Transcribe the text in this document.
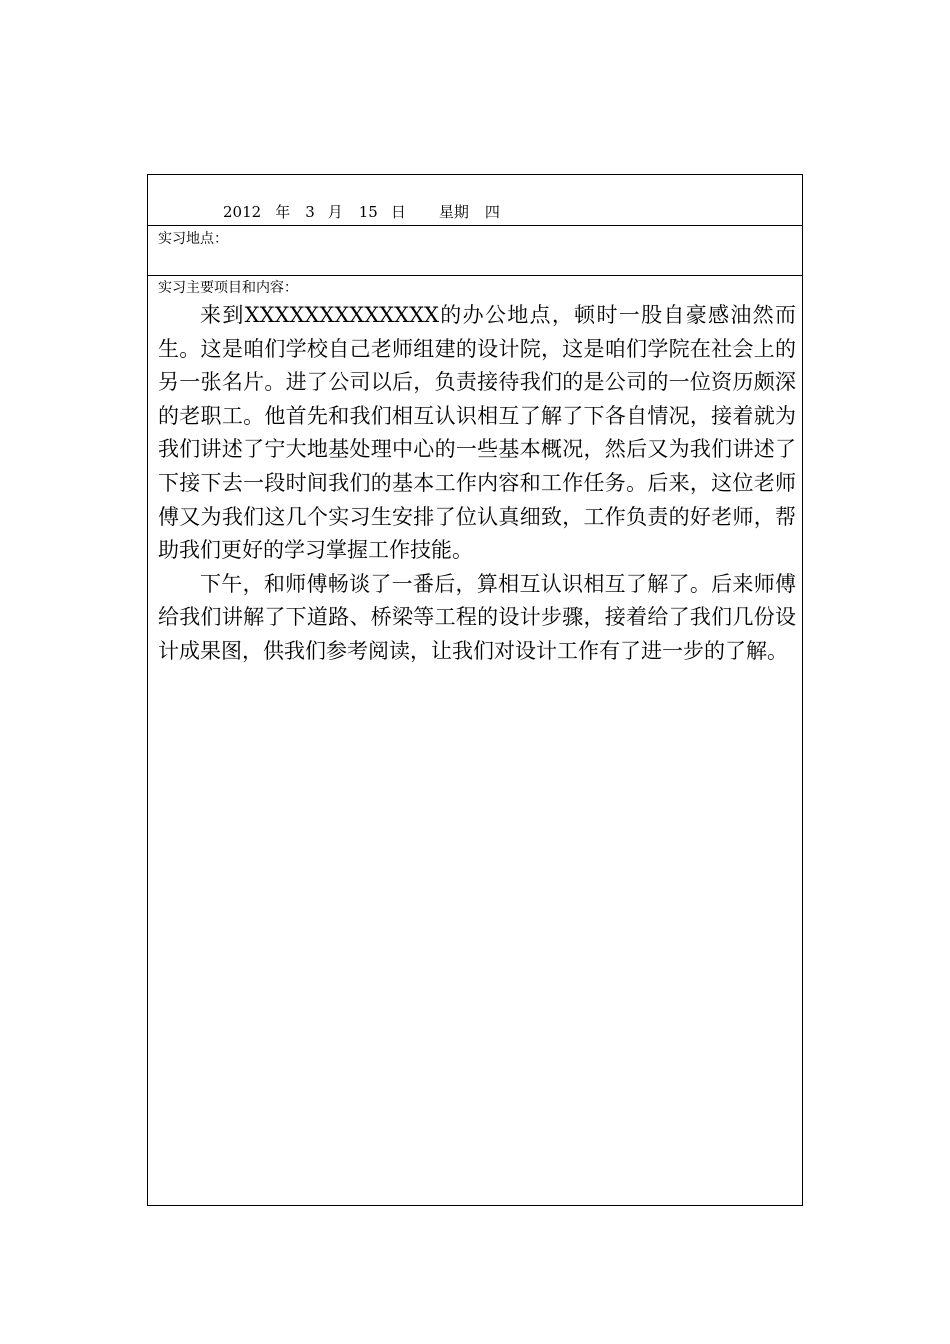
2012 年 3 月 15 日 星期 四
实习地点：
实习主要项目和内容：

来到XXXXXXXXXXXXX的办公地点，顿时一股自豪感油然而生。这是咱们学校自己老师组建的设计院，这是咱们学院在社会上的另一张名片。进了公司以后，负责接待我们的是公司的一位资历颇深的老职工。他首先和我们相互认识相互了解了下各自情况，接着就为我们讲述了宁大地基处理中心的一些基本概况，然后又为我们讲述了下接下去一段时间我们的基本工作内容和工作任务。后来，这位老师傅又为我们这几个实习生安排了位认真细致，工作负责的好老师，帮助我们更好的学习掌握工作技能。

下午，和师傅畅谈了一番后，算相互认识相互了解了。后来师傅给我们讲解了下道路、桥梁等工程的设计步骤，接着给了我们几份设计成果图，供我们参考阅读，让我们对设计工作有了进一步的了解。
